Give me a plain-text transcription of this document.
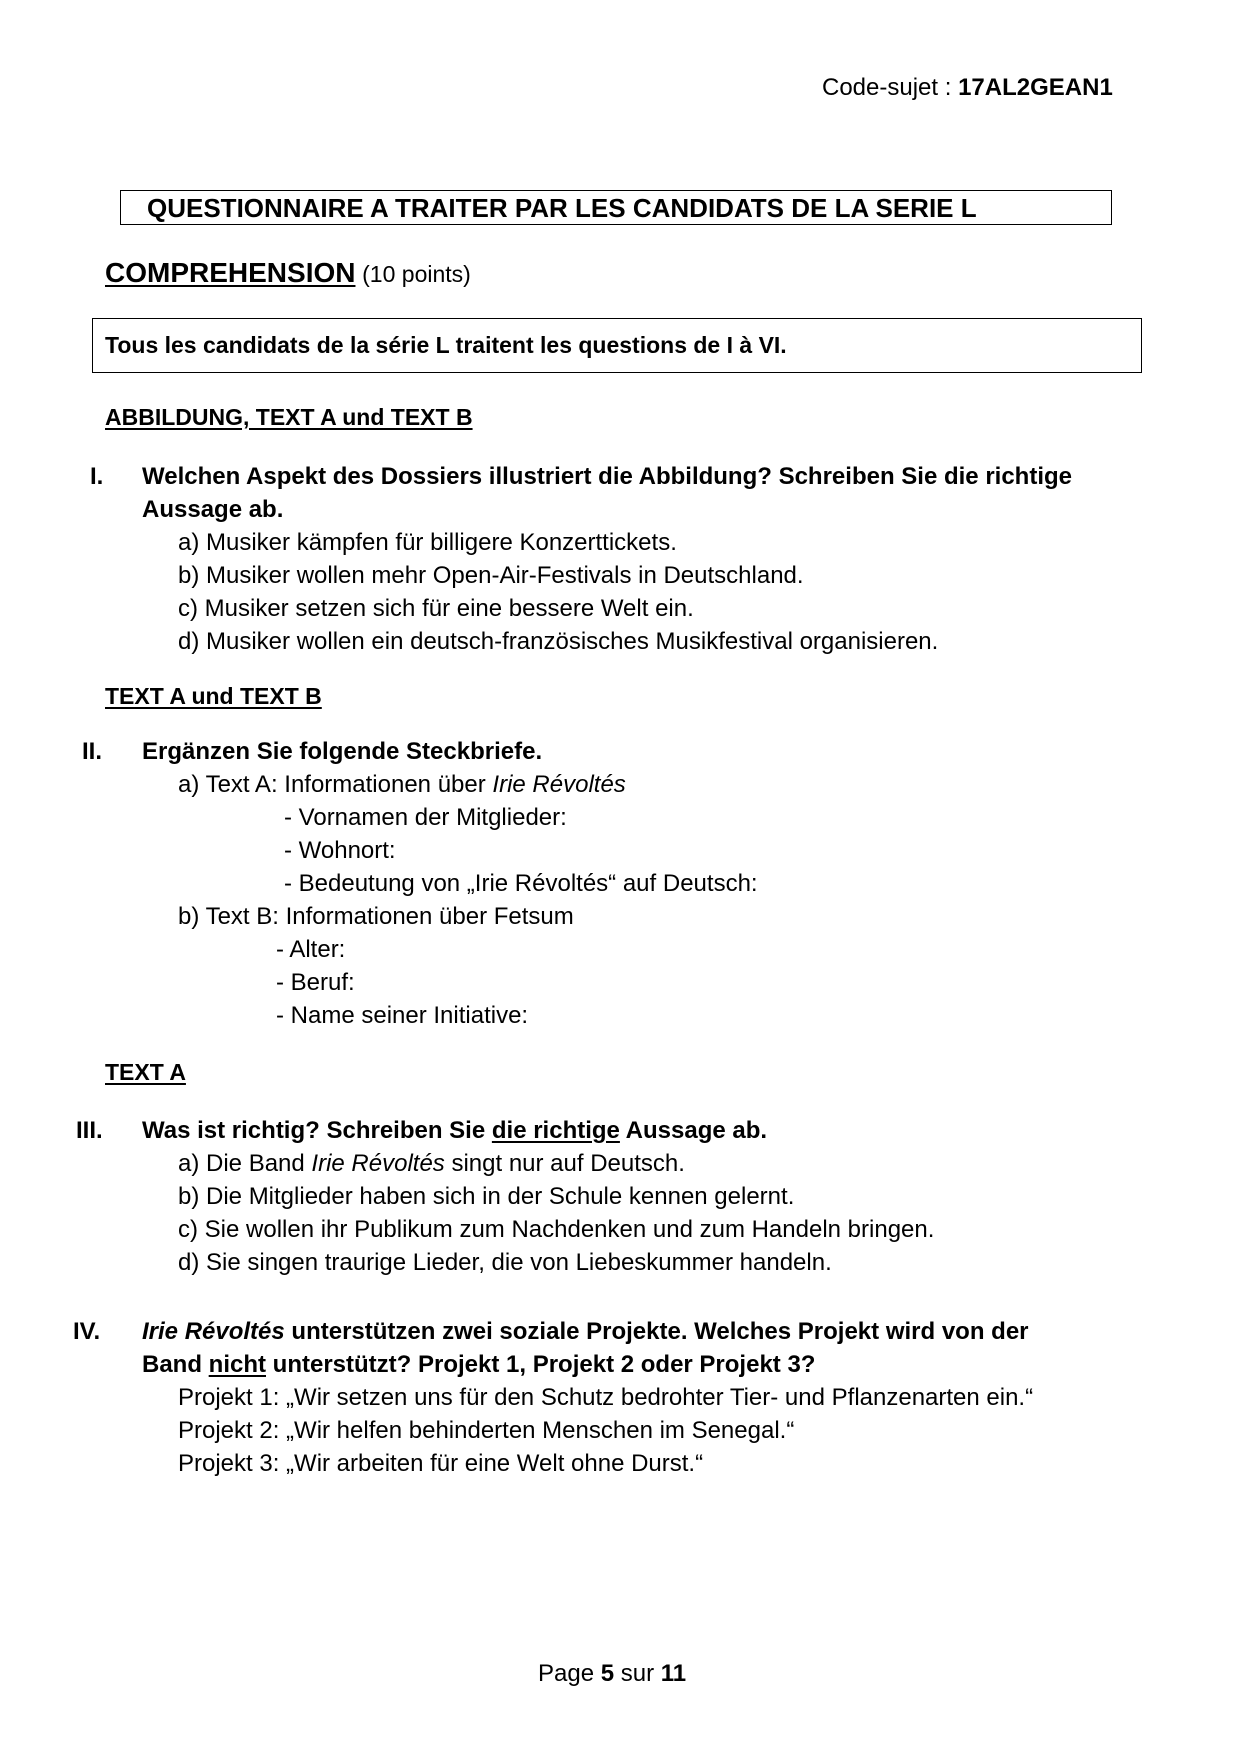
Code-sujet : 17AL2GEAN1
QUESTIONNAIRE A TRAITER PAR LES CANDIDATS DE LA SERIE L
COMPREHENSION (10 points)
Tous les candidats de la série L traitent les questions de I à VI.
ABBILDUNG, TEXT A und TEXT B
I. Welchen Aspekt des Dossiers illustriert die Abbildung? Schreiben Sie die richtige
Aussage ab.
a) Musiker kämpfen für billigere Konzerttickets.
b) Musiker wollen mehr Open-Air-Festivals in Deutschland.
c) Musiker setzen sich für eine bessere Welt ein.
d) Musiker wollen ein deutsch-französisches Musikfestival organisieren.
TEXT A und TEXT B
II. Ergänzen Sie folgende Steckbriefe.
a) Text A: Informationen über Irie Révoltés
- Vornamen der Mitglieder:
- Wohnort:
- Bedeutung von „Irie Révoltés“ auf Deutsch:
b) Text B: Informationen über Fetsum
- Alter:
- Beruf:
- Name seiner Initiative:
TEXT A
III. Was ist richtig? Schreiben Sie die richtige Aussage ab.
a) Die Band Irie Révoltés singt nur auf Deutsch.
b) Die Mitglieder haben sich in der Schule kennen gelernt.
c) Sie wollen ihr Publikum zum Nachdenken und zum Handeln bringen.
d) Sie singen traurige Lieder, die von Liebeskummer handeln.
IV. Irie Révoltés unterstützen zwei soziale Projekte. Welches Projekt wird von der
Band nicht unterstützt? Projekt 1, Projekt 2 oder Projekt 3?
Projekt 1: „Wir setzen uns für den Schutz bedrohter Tier- und Pflanzenarten ein.“
Projekt 2: „Wir helfen behinderten Menschen im Senegal.“
Projekt 3: „Wir arbeiten für eine Welt ohne Durst.“
Page 5 sur 11
